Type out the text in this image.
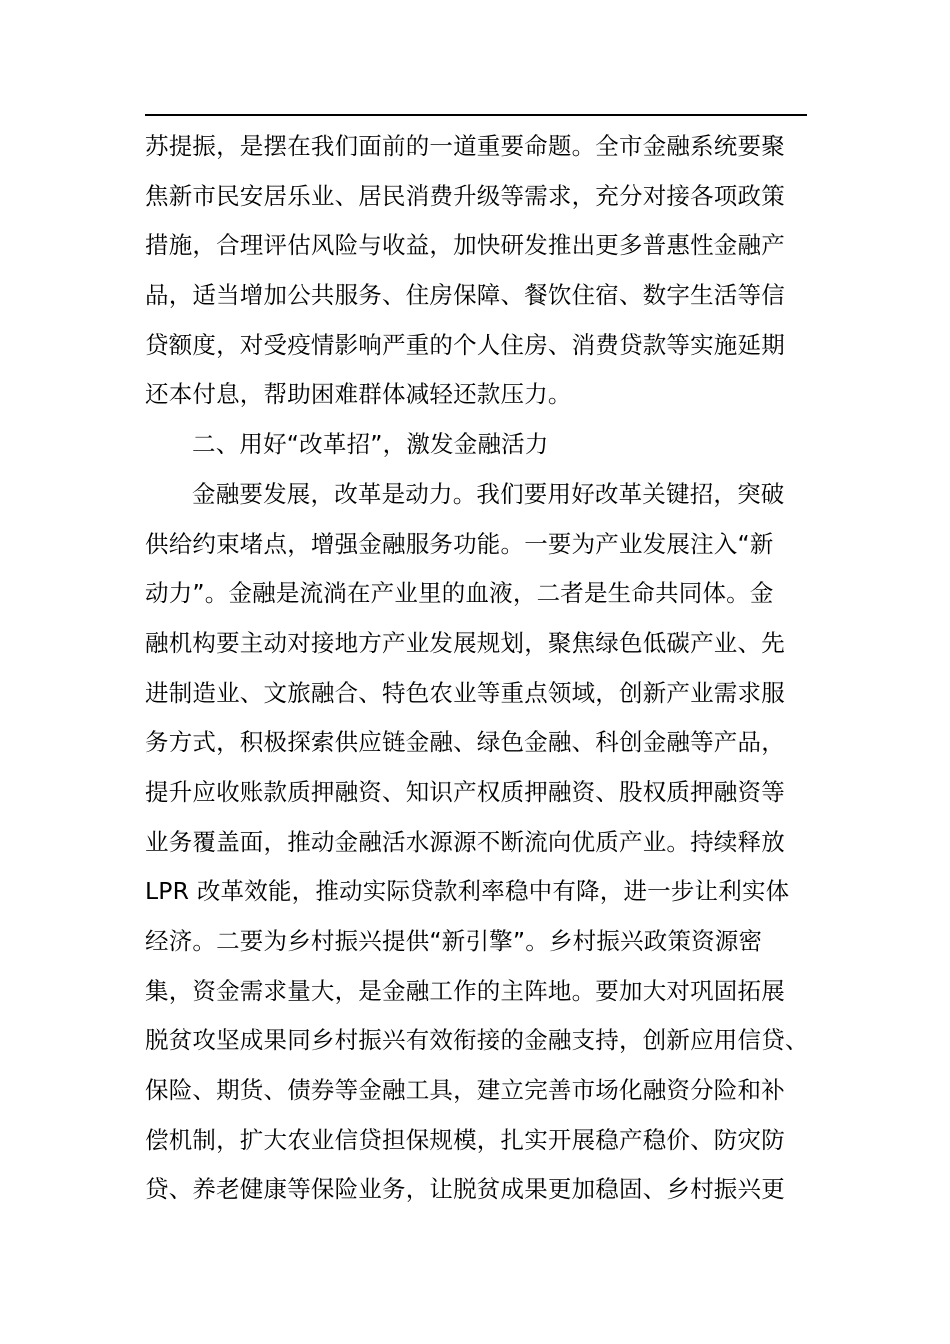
苏提振，是摆在我们面前的一道重要命题。全市金融系统要聚
焦新市民安居乐业、居民消费升级等需求，充分对接各项政策
措施，合理评估风险与收益，加快研发推出更多普惠性金融产
品，适当增加公共服务、住房保障、餐饮住宿、数字生活等信
贷额度，对受疫情影响严重的个人住房、消费贷款等实施延期
还本付息，帮助困难群体减轻还款压力。
二、用好“改革招”，激发金融活力
金融要发展，改革是动力。我们要用好改革关键招，突破
供给约束堵点，增强金融服务功能。一要为产业发展注入“新
动力”。金融是流淌在产业里的血液，二者是生命共同体。金
融机构要主动对接地方产业发展规划，聚焦绿色低碳产业、先
进制造业、文旅融合、特色农业等重点领域，创新产业需求服
务方式，积极探索供应链金融、绿色金融、科创金融等产品，
提升应收账款质押融资、知识产权质押融资、股权质押融资等
业务覆盖面，推动金融活水源源不断流向优质产业。持续释放
LPR 改革效能，推动实际贷款利率稳中有降，进一步让利实体
经济。二要为乡村振兴提供“新引擎”。乡村振兴政策资源密
集，资金需求量大，是金融工作的主阵地。要加大对巩固拓展
脱贫攻坚成果同乡村振兴有效衔接的金融支持，创新应用信贷、
保险、期货、债券等金融工具，建立完善市场化融资分险和补
偿机制，扩大农业信贷担保规模，扎实开展稳产稳价、防灾防
贷、养老健康等保险业务，让脱贫成果更加稳固、乡村振兴更
